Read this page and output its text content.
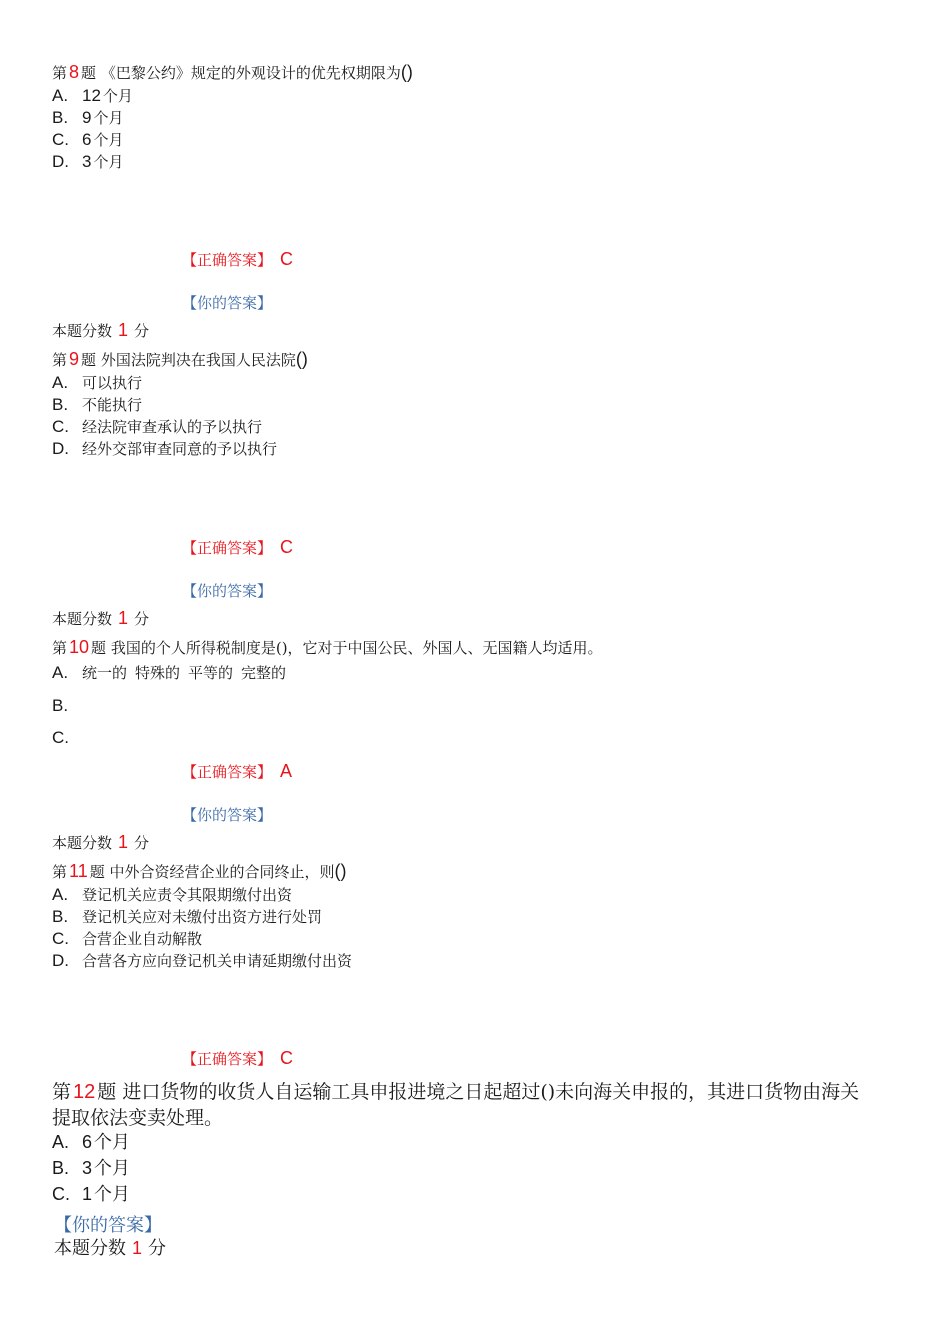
第 8 题 《巴黎公约》规定的外观设计的优先权期限为()
A. 12 个月
B. 9 个月
C. 6 个月
D. 3 个月
【正确答案】 C
【你的答案】
本题分数 1 分
第 9 题 外国法院判决在我国人民法院()
A. 可以执行
B. 不能执行
C. 经法院审查承认的予以执行
D. 经外交部审查同意的予以执行
【正确答案】 C
【你的答案】
本题分数 1 分
第 10 题 我国的个人所得税制度是()，它对于中国公民、外国人、无国籍人均适用。
A. 统一的 特殊的 平等的 完整的
B.
C.
【正确答案】 A
【你的答案】
本题分数 1 分
第 11 题 中外合资经营企业的合同终止，则()
A. 登记机关应责令其限期缴付出资
B. 登记机关应对未缴付出资方进行处罚
C. 合营企业自动解散
D. 合营各方应向登记机关申请延期缴付出资
【正确答案】 C
第 12 题 进口货物的收货人自运输工具申报进境之日起超过()未向海关申报的，其进口货物由海关
提取依法变卖处理。
A. 6 个月
B. 3 个月
C. 1 个月
【你的答案】
本题分数 1 分
